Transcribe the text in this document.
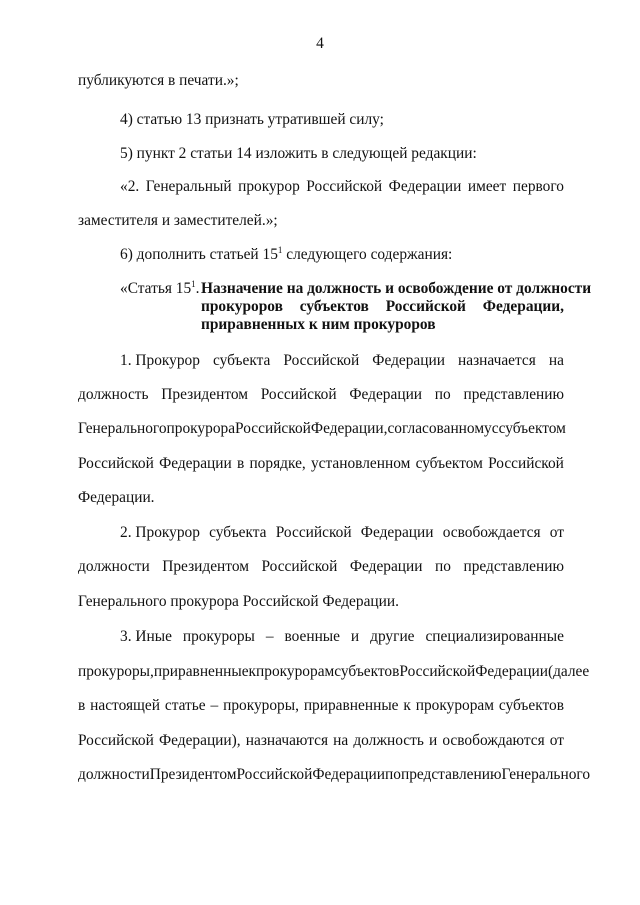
4
публикуются в печати.»;
4) статью 13 признать утратившей силу;
5) пункт 2 статьи 14 изложить в следующей редакции:
«2. Генеральный прокурор Российской Федерации имеет первого
заместителя и заместителей.»;
6) дополнить статьей $15^1$ следующего содержания:
«Статья $15^1$. Назначение на должность и освобождение от должности
прокуроров субъектов Российской Федерации,
приравненных к ним прокуроров
1. Прокурор субъекта Российской Федерации назначается на
должность Президентом Российской Федерации по представлению
Генерального прокурора Российской Федерации, согласованному с субъектом
Российской Федерации в порядке, установленном субъектом Российской
Федерации.
2. Прокурор субъекта Российской Федерации освобождается от
должности Президентом Российской Федерации по представлению
Генерального прокурора Российской Федерации.
3. Иные прокуроры – военные и другие специализированные
прокуроры, приравненные к прокурорам субъектов Российской Федерации (далее
в настоящей статье – прокуроры, приравненные к прокурорам субъектов
Российской Федерации), назначаются на должность и освобождаются от
должности Президентом Российской Федерации по представлению Генерального
